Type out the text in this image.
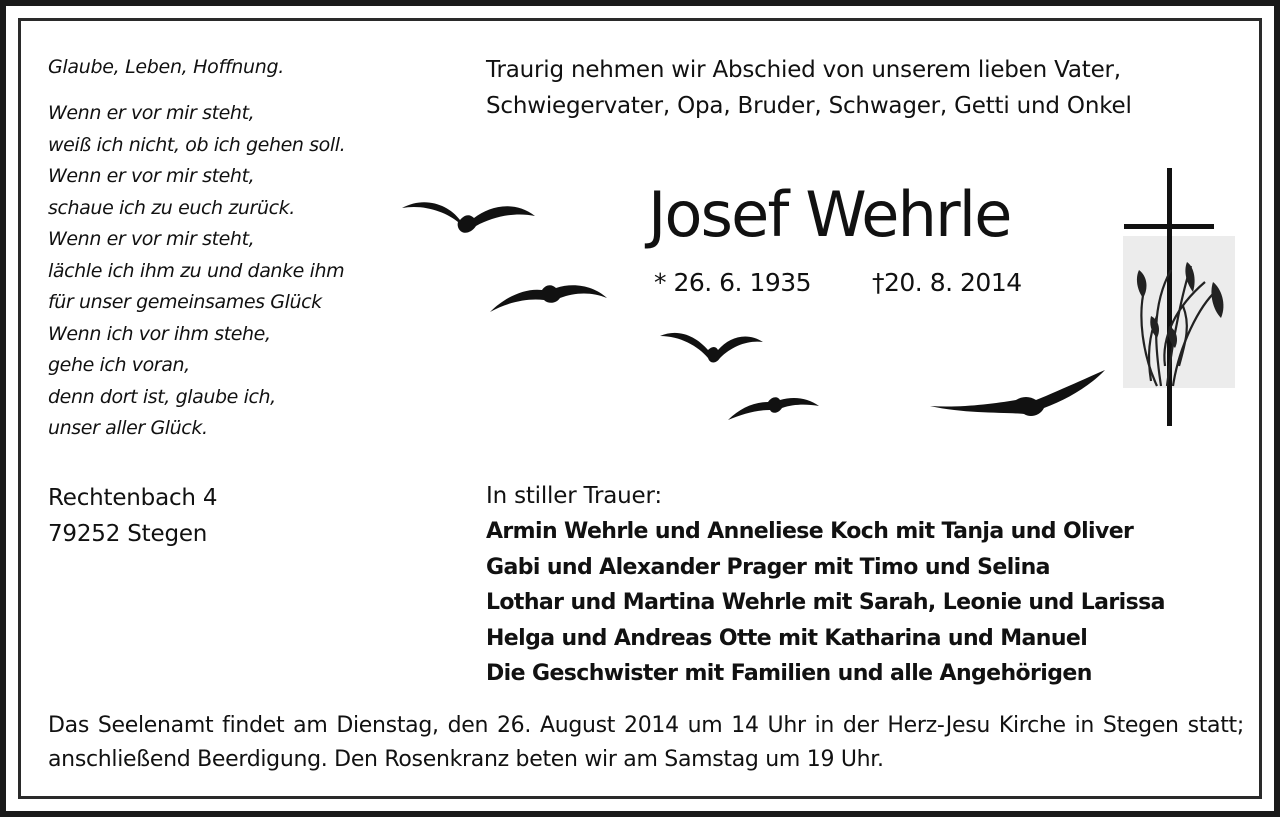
Glaube, Leben, Hoffnung.
Wenn er vor mir steht,
weiß ich nicht, ob ich gehen soll.
Wenn er vor mir steht,
schaue ich zu euch zurück.
Wenn er vor mir steht,
lächle ich ihm zu und danke ihm
für unser gemeinsames Glück
Wenn ich vor ihm stehe,
gehe ich voran,
denn dort ist, glaube ich,
unser aller Glück.
Traurig nehmen wir Abschied von unserem lieben Vater,
Schwiegervater, Opa, Bruder, Schwager, Getti und Onkel
Josef Wehrle
* 26. 6. 1935 †20. 8. 2014
Rechtenbach 4
79252 Stegen
In stiller Trauer:
Armin Wehrle und Anneliese Koch mit Tanja und Oliver
Gabi und Alexander Prager mit Timo und Selina
Lothar und Martina Wehrle mit Sarah, Leonie und Larissa
Helga und Andreas Otte mit Katharina und Manuel
Die Geschwister mit Familien und alle Angehörigen
Das Seelenamt findet am Dienstag, den 26. August 2014 um 14 Uhr in der Herz-Jesu Kirche in Stegen statt; anschließend Beerdigung. Den Rosenkranz beten wir am Samstag um 19 Uhr.
